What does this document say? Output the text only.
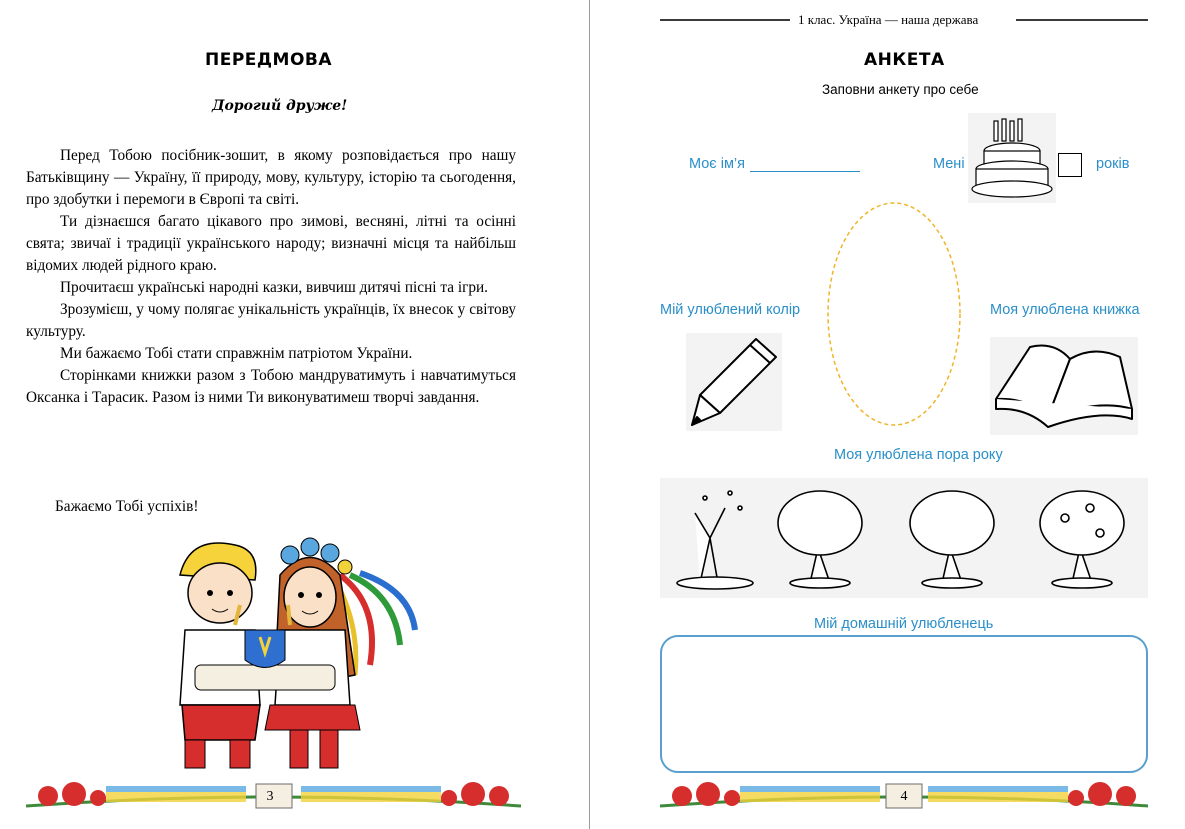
ПЕРЕДМОВА
Дорогий друже!

Перед Тобою посібник-зошит, в якому розповідається про нашу Батьківщину — Україну, її природу, мову, культуру, історію та сьогодення, про здобутки і перемоги в Європі та світі.

Ти дізнаєшся багато цікавого про зимові, весняні, літні та осінні свята; звичаї і традиції українського народу; визначні місця та найбільш відомих людей рідного краю.

Прочитаєш українські народні казки, вивчиш дитячі пісні та ігри.

Зрозумієш, у чому полягає унікальність українців, їх внесок у світову культуру.

Ми бажаємо Тобі стати справжнім патріотом України.

Сторінками книжки разом з Тобою мандруватимуть і навчатимуться Оксанка і Тарасик. Разом із ними Ти виконуватимеш творчі завдання.

Бажаємо Тобі успіхів!
3
1 клас. Україна — наша держава
АНКЕТА
Заповни анкету про себе
Моє ім’я	Мені	років
Мій улюблений колір	Моя улюблена книжка
Моя улюблена пора року
Мій домашній улюбленець
4
